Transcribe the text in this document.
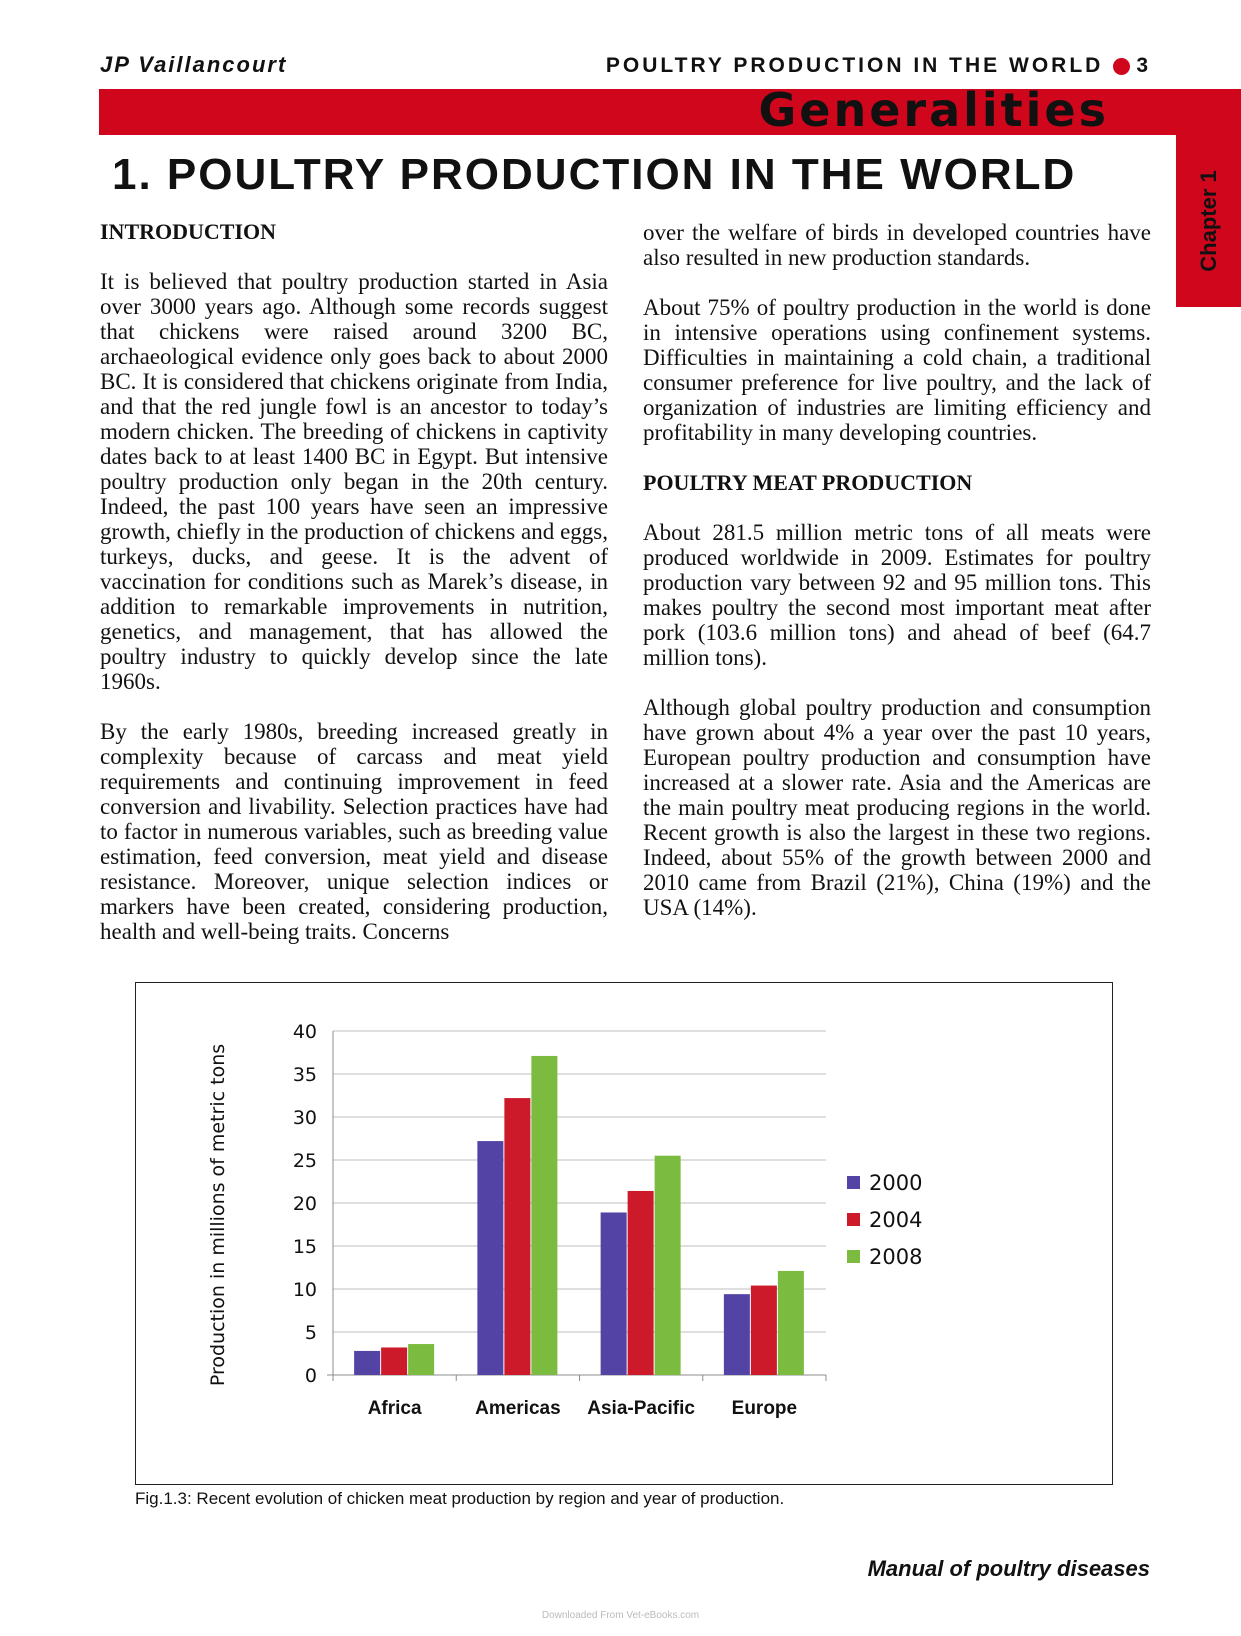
JP Vaillancourt	POULTRY PRODUCTION IN THE WORLD 3
Generalities
Chapter 1
1. POULTRY PRODUCTION IN THE WORLD
INTRODUCTION

It is believed that poultry production started in Asia over 3000 years ago. Although some records suggest that chickens were raised around 3200 BC, archaeological evidence only goes back to about 2000 BC. It is considered that chickens originate from India, and that the red jungle fowl is an ancestor to today’s modern chicken. The breeding of chickens in captivity dates back to at least 1400 BC in Egypt. But intensive poultry production only began in the 20th century. Indeed, the past 100 years have seen an impressive growth, chiefly in the production of chickens and eggs, turkeys, ducks, and geese. It is the advent of vaccination for conditions such as Marek’s disease, in addition to remarkable improvements in nutrition, genetics, and management, that has allowed the poultry industry to quickly develop since the late 1960s.

By the early 1980s, breeding increased greatly in complexity because of carcass and meat yield requirements and continuing improvement in feed conversion and livability. Selection practices have had to factor in numerous variables, such as breeding value estimation, feed conversion, meat yield and disease resistance. Moreover, unique selection indices or markers have been created, considering production, health and well-being traits. Concerns

over the welfare of birds in developed countries have also resulted in new production standards.

About 75% of poultry production in the world is done in intensive operations using confinement systems. Difficulties in maintaining a cold chain, a traditional consumer preference for live poultry, and the lack of organization of industries are limiting efficiency and profitability in many developing countries.

POULTRY MEAT PRODUCTION

About 281.5 million metric tons of all meats were produced worldwide in 2009. Estimates for poultry production vary between 92 and 95 million tons. This makes poultry the second most important meat after pork (103.6 million tons) and ahead of beef (64.7 million tons).

Although global poultry production and consumption have grown about 4% a year over the past 10 years, European poultry production and consumption have increased at a slower rate. Asia and the Americas are the main poultry meat producing regions in the world. Recent growth is also the largest in these two regions. Indeed, about 55% of the growth between 2000 and 2010 came from Brazil (21%), China (19%) and the USA (14%).

0
5
10
15
20
25
30
35
40
Africa	Americas Asia-Pacific Europe
Production in millions of metric tons	2000
2004
2008
Fig.1.3: Recent evolution of chicken meat production by region and year of production.
Manual of poultry diseases
Downloaded From Vet-eBooks.com
